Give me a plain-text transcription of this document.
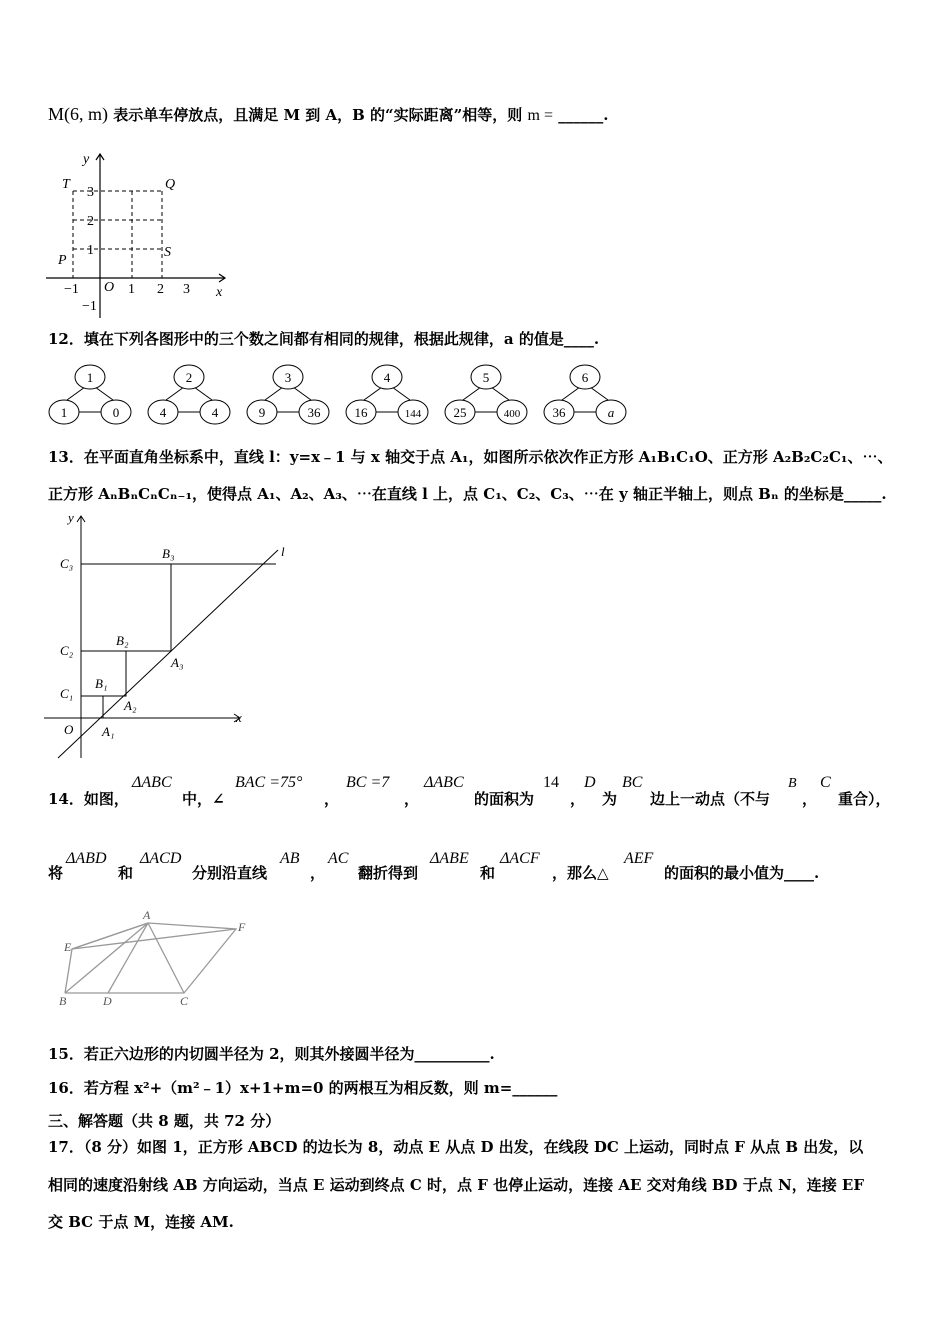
M(6, m) 表示单车停放点，且满足 M 到 A，B 的“实际距离”相等，则 m = ______.
y
x
O
−1	1 2 3
3
2
1
−1
T	Q
P
S
12．填在下列各图形中的三个数之间都有相同的规律，根据此规律，a 的值是____.
1
1	0
2
4	4
3
9	36
4
16	144
5
25	400
6
36	a
13．在平面直角坐标系中，直线 l：y=x﹣1 与 x 轴交于点 A₁，如图所示依次作正方形 A₁B₁C₁O、正方形 A₂B₂C₂C₁、⋯、
正方形 AₙBₙCₙCₙ₋₁，使得点 A₁、A₂、A₃、⋯在直线 l 上，点 C₁、C₂、C₃、⋯在 y 轴正半轴上，则点 Bₙ 的坐标是_____.
y
x
l
O
C₃
B₃
C₂
B₂
A₃
C₁
B₁
A₂
A₁
14．如图，
ΔABC
中，∠
BAC =75°
，
BC =7
，
ΔABC
的面积为
14
，
D
为
BC
边上一动点（不与
B
，
C
重合），
将
ΔABD
和
ΔACD
分别沿直线
AB
，
AC
翻折得到
ΔABE
和
ΔACF
，那么△
AEF
的面积的最小值为____.
A
E
F
B	D	C
15．若正六边形的内切圆半径为 2，则其外接圆半径为__________.
16．若方程 x²+（m²﹣1）x+1+m=0 的两根互为相反数，则 m=______
三、解答题（共 8 题，共 72 分）
17．（8 分）如图 1，正方形 ABCD 的边长为 8，动点 E 从点 D 出发，在线段 DC 上运动，同时点 F 从点 B 出发，以
相同的速度沿射线 AB 方向运动，当点 E 运动到终点 C 时，点 F 也停止运动，连接 AE 交对角线 BD 于点 N，连接 EF
交 BC 于点 M，连接 AM.
